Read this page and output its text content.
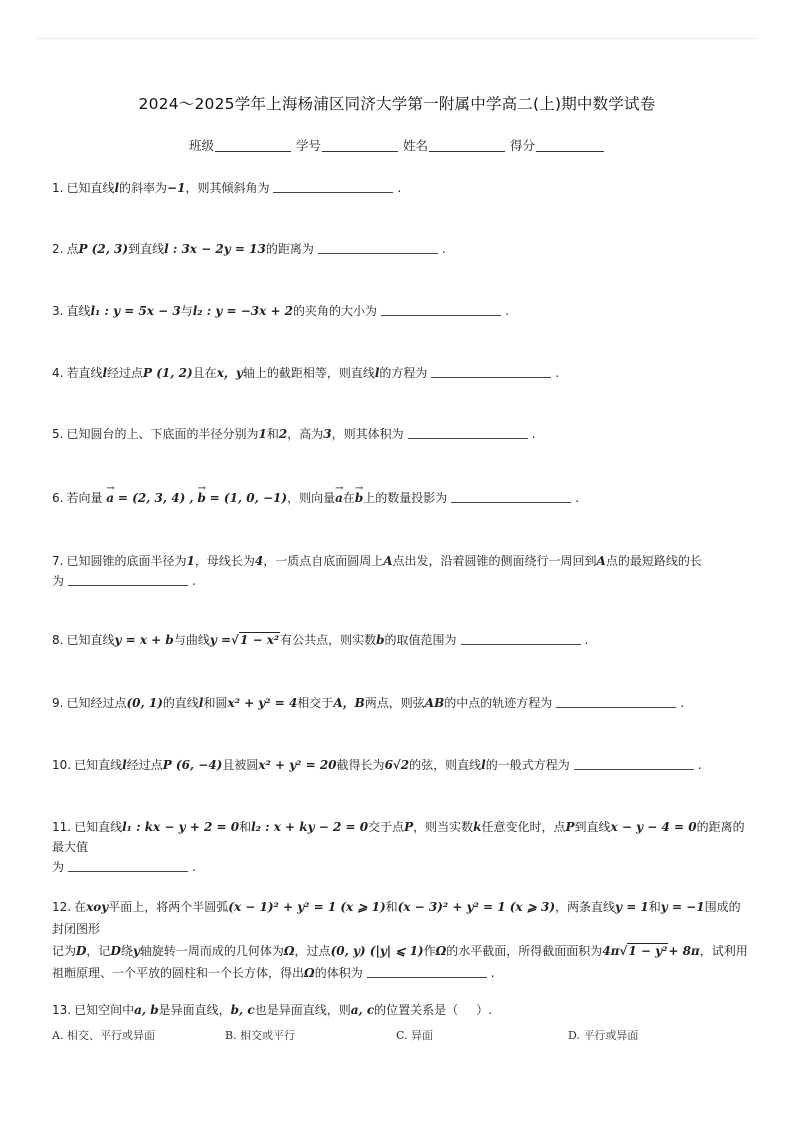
2024～2025学年上海杨浦区同济大学第一附属中学高二(上)期中数学试卷
班级	学号	姓名	得分
1. 已知直线l的斜率为−1，则其倾斜角为	.
2. 点P (2, 3)到直线l : 3x − 2y = 13的距离为	.
3. 直线l₁ : y = 5x − 3与l₂ : y = −3x + 2的夹角的大小为	.
4. 若直线l经过点P (1, 2)且在x，y轴上的截距相等，则直线l的方程为	.
5. 已知圆台的上、下底面的半径分别为1和2，高为3，则其体积为	.
6. 若向量 → a = (2, 3, 4) , → b = (1, 0, −1)，则向量→ a在→ b上的数量投影为	.
7. 已知圆锥的底面半径为1，母线长为4，一质点自底面圆周上A点出发，沿着圆锥的侧面绕行一周回到A点的最短路线的长
为	.
8. 已知直线y = x + b与曲线y =√1 − x²有公共点，则实数b的取值范围为	.
9. 已知经过点(0, 1)的直线l和圆x² + y² = 4相交于A，B两点，则弦AB的中点的轨迹方程为	.
10. 已知直线l经过点P (6, −4)且被圆x² + y² = 20截得长为6√2的弦，则直线l的一般式方程为	.
11. 已知直线l₁ : kx − y + 2 = 0和l₂ : x + ky − 2 = 0交于点P，则当实数k任意变化时，点P到直线x − y − 4 = 0的距离的最大值
为	.
12. 在xoy平面上，将两个半圆弧(x − 1)² + y² = 1 (x ⩾ 1)和(x − 3)² + y² = 1 (x ⩾ 3)，两条直线y = 1和y = −1围成的封闭图形
记为D，记D绕y轴旋转一周而成的几何体为Ω，过点(0, y) (|y| ⩽ 1)作Ω的水平截面，所得截面面积为4π√1 − y²+ 8π，试利用
祖暅原理、一个平放的圆柱和一个长方体，得出Ω的体积为	.
13. 已知空间中a, b是异面直线，b, c也是异面直线，则a, c的位置关系是（ ）.
A. 相交、平行或异面	B. 相交或平行	C. 异面	D. 平行或异面
